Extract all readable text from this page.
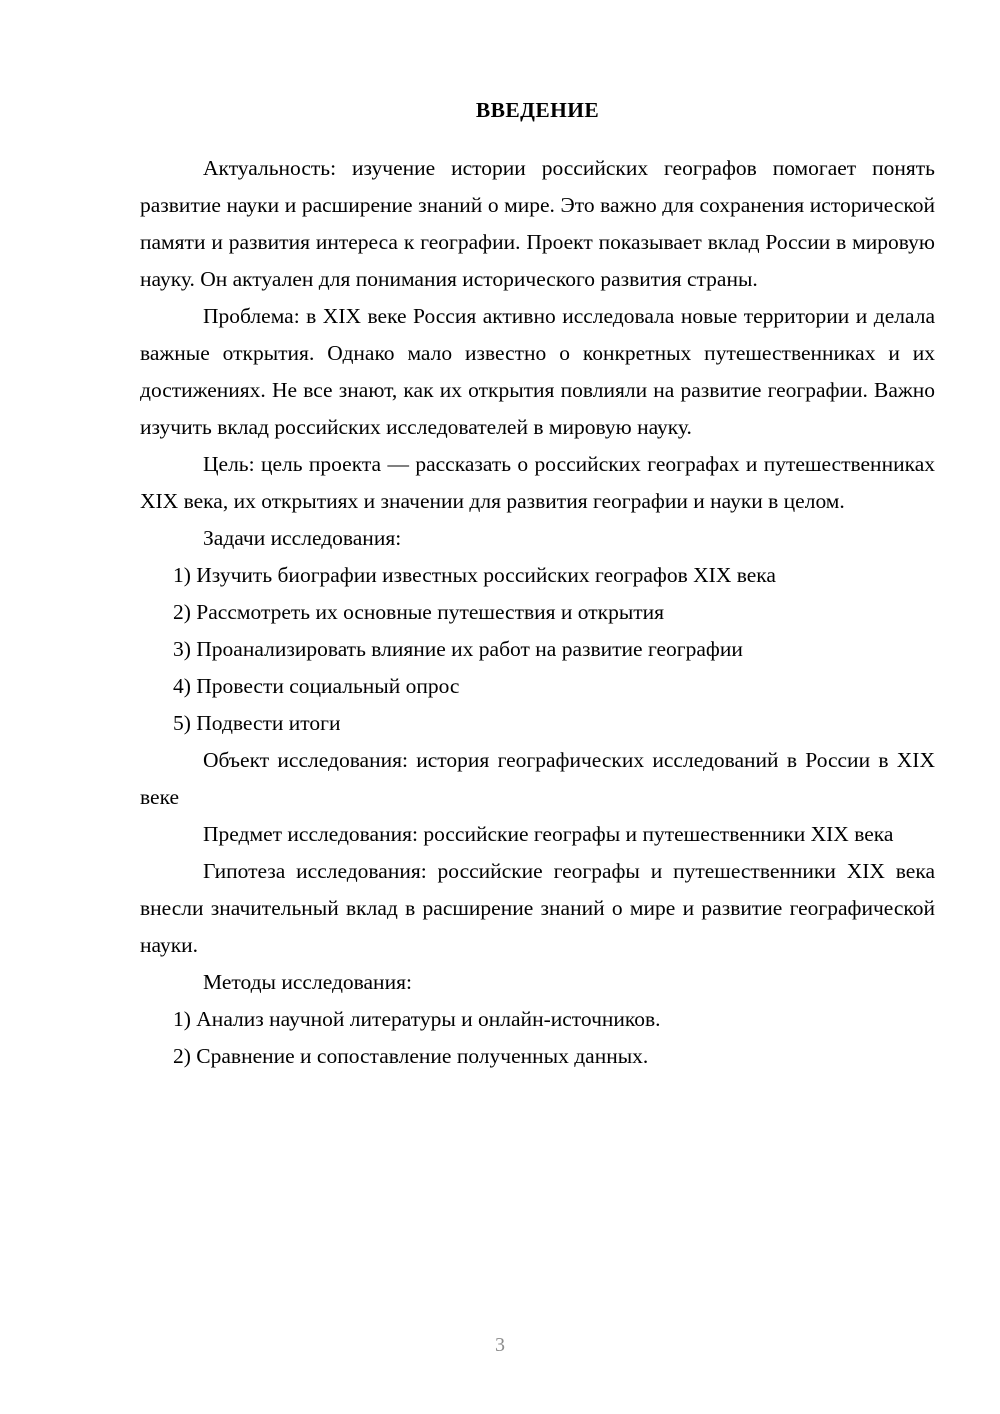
ВВЕДЕНИЕ

Актуальность: изучение истории российских географов помогает понять развитие науки и расширение знаний о мире. Это важно для сохранения исторической памяти и развития интереса к географии. Проект показывает вклад России в мировую науку. Он актуален для понимания исторического развития страны.

Проблема: в XIX веке Россия активно исследовала новые территории и делала важные открытия. Однако мало известно о конкретных путешественниках и их достижениях. Не все знают, как их открытия повлияли на развитие географии. Важно изучить вклад российских исследователей в мировую науку.

Цель: цель проекта — рассказать о российских географах и путешественниках XIX века, их открытиях и значении для развития географии и науки в целом.

Задачи исследования:

1) Изучить биографии известных российских географов XIX века

2) Рассмотреть их основные путешествия и открытия

3) Проанализировать влияние их работ на развитие географии

4) Провести социальный опрос

5) Подвести итоги

Объект исследования: история географических исследований в России в XIX веке

Предмет исследования: российские географы и путешественники XIX века

Гипотеза исследования: российские географы и путешественники XIX века внесли значительный вклад в расширение знаний о мире и развитие географической науки.

Методы исследования:

1) Анализ научной литературы и онлайн-источников.

2) Сравнение и сопоставление полученных данных.

3
